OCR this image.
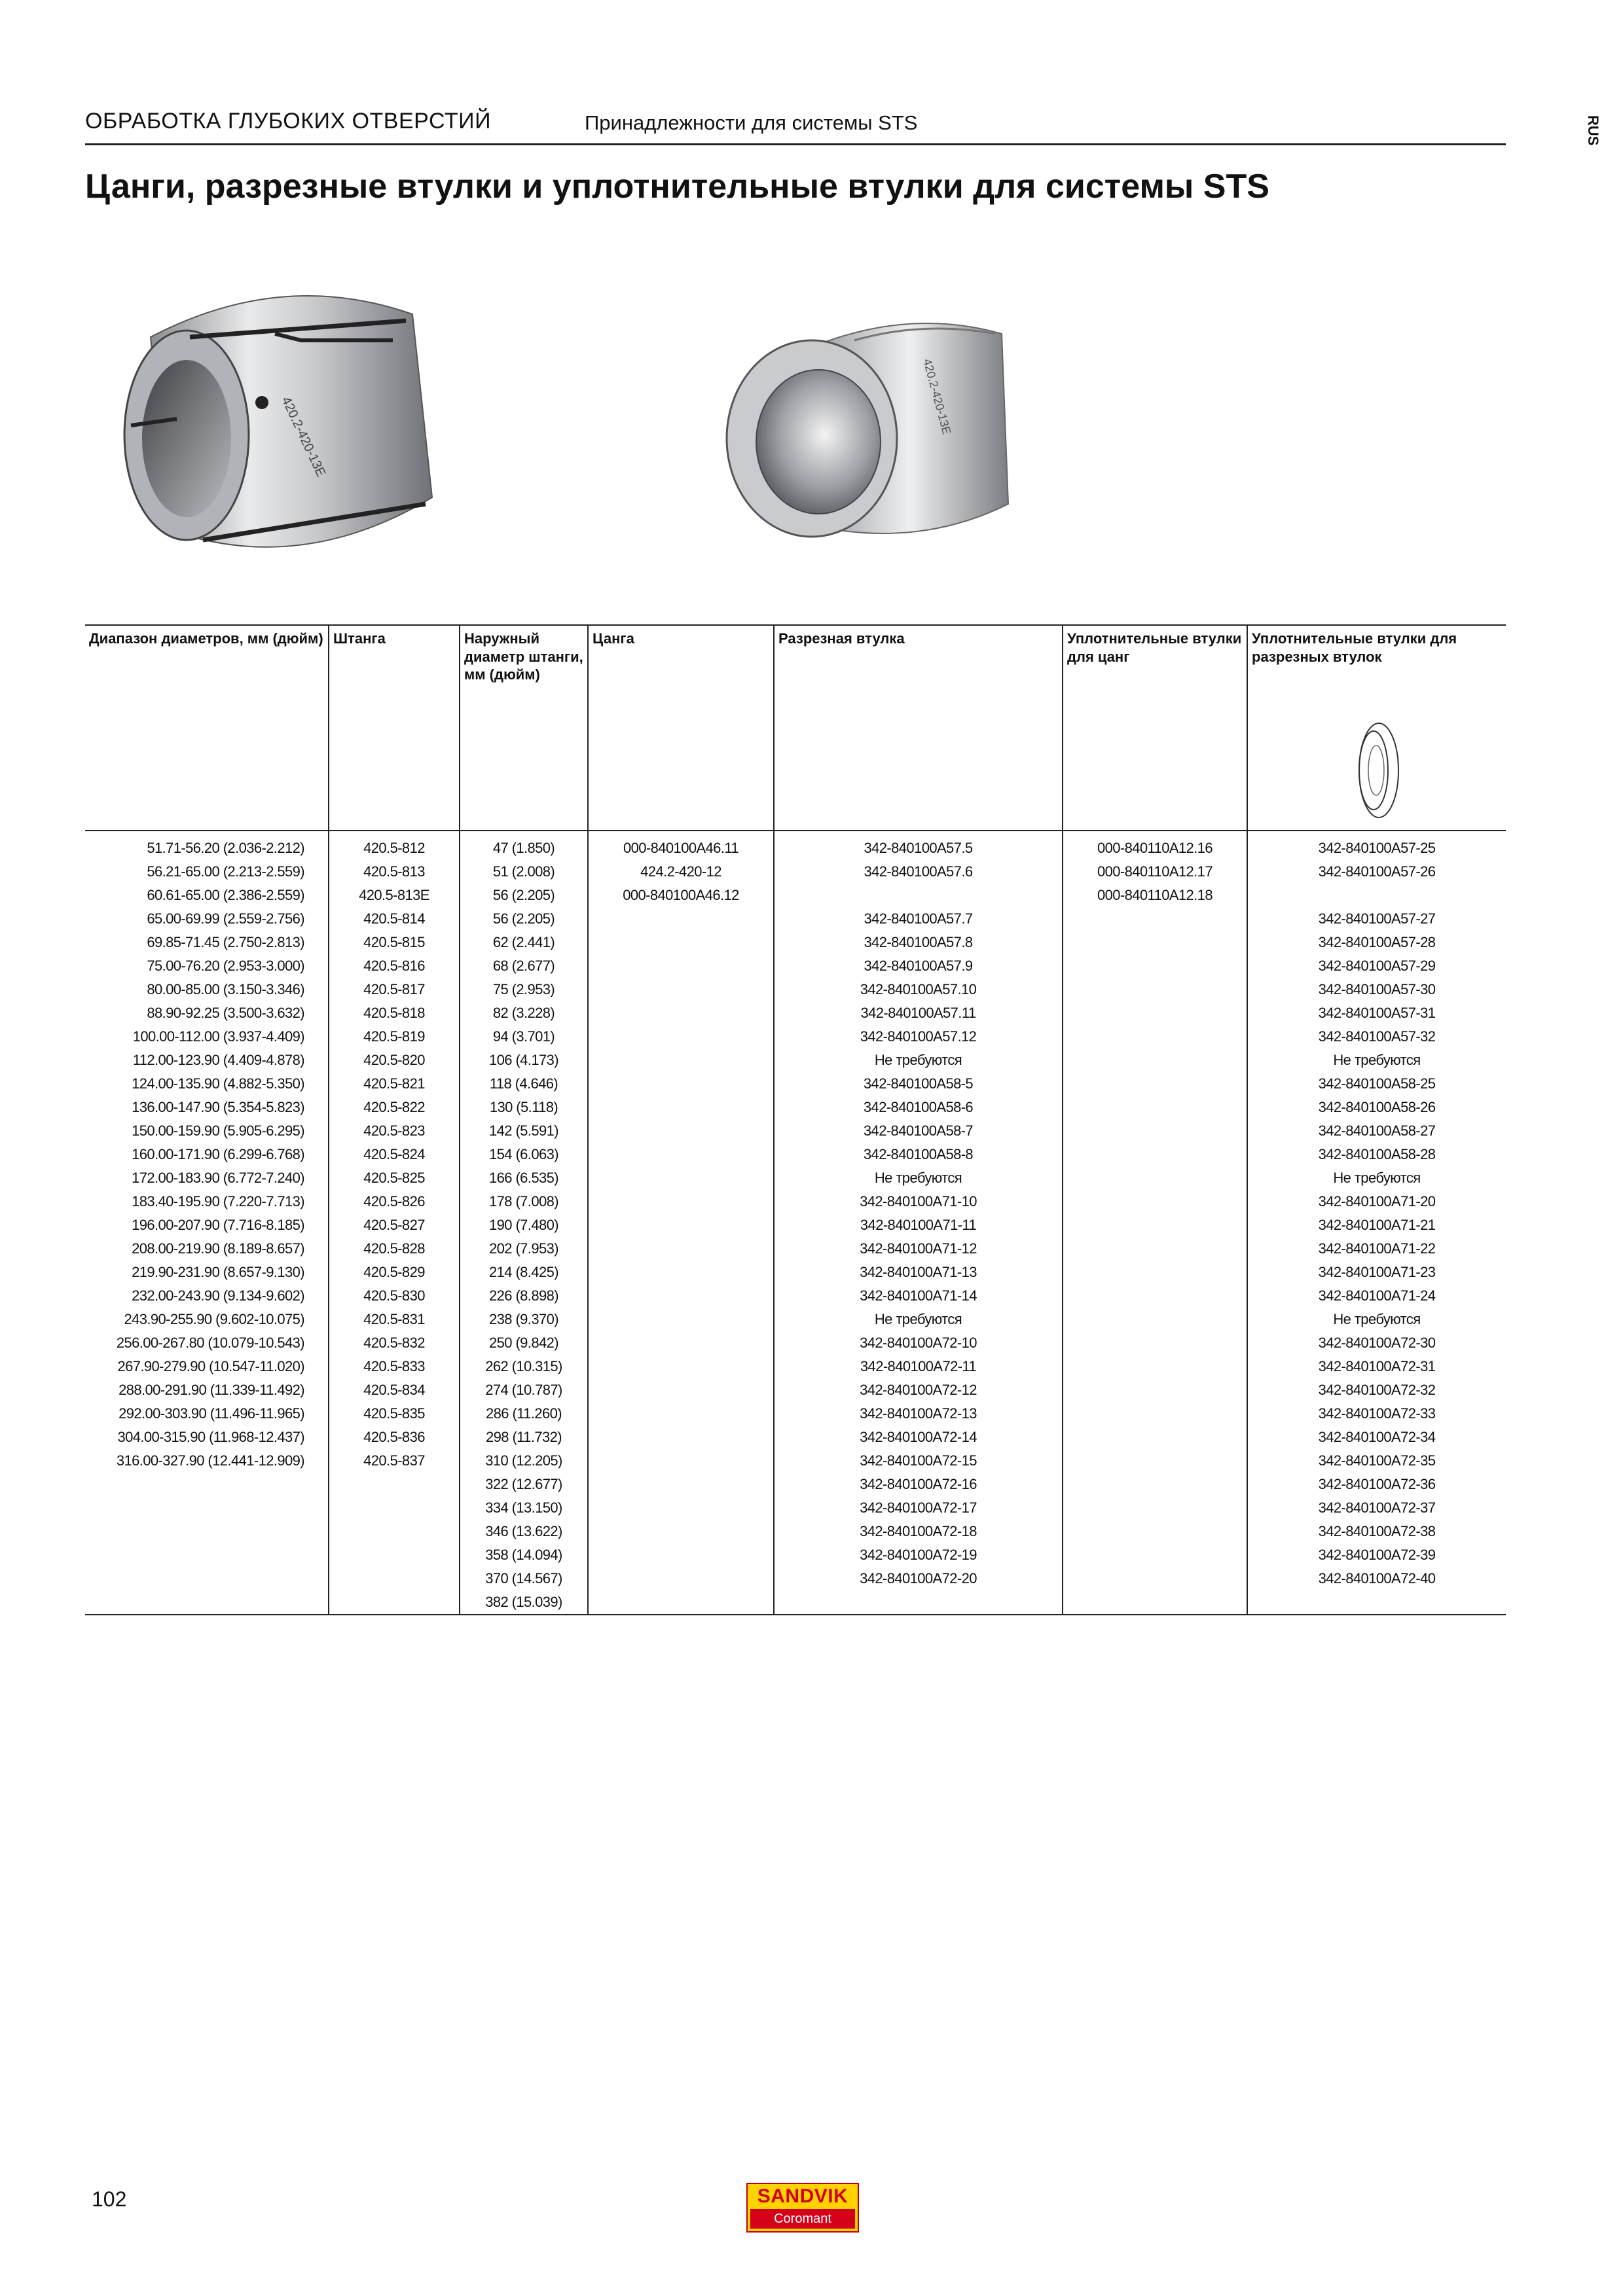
ОБРАБОТКА ГЛУБОКИХ ОТВЕРСТИЙ	Принадлежности для системы STS	RUS
Цанги, разрезные втулки и уплотнительные втулки для системы STS
420.2-420-13E	420.2-420-13E
Диапазон диаметров, мм (дюйм)	Штанга	Наружный диаметр штанги, мм (дюйм)	Цанга	Разрезная втулка	Уплотнительные втулки для цанг	Уплотнительные втулки для разрезных втулок

51.71-56.20 (2.036-2.212)	420.5-812	47 (1.850)	000-840100A46.11	342-840100A57.5	000-840110A12.16	342-840100A57-25
56.21-65.00 (2.213-2.559)	420.5-813	51 (2.008)	424.2-420-12	342-840100A57.6	000-840110A12.17	342-840100A57-26
60.61-65.00 (2.386-2.559)	420.5-813E	56 (2.205)	000-840100A46.12		000-840110A12.18	
65.00-69.99 (2.559-2.756)	420.5-814	56 (2.205)		342-840100A57.7		342-840100A57-27
69.85-71.45 (2.750-2.813)	420.5-815	62 (2.441)		342-840100A57.8		342-840100A57-28
75.00-76.20 (2.953-3.000)	420.5-816	68 (2.677)		342-840100A57.9		342-840100A57-29
80.00-85.00 (3.150-3.346)	420.5-817	75 (2.953)		342-840100A57.10		342-840100A57-30
88.90-92.25 (3.500-3.632)	420.5-818	82 (3.228)		342-840100A57.11		342-840100A57-31
100.00-112.00 (3.937-4.409)	420.5-819	94 (3.701)		342-840100A57.12		342-840100A57-32
112.00-123.90 (4.409-4.878)	420.5-820	106 (4.173)		Не требуются		Не требуются
124.00-135.90 (4.882-5.350)	420.5-821	118 (4.646)		342-840100A58-5		342-840100A58-25
136.00-147.90 (5.354-5.823)	420.5-822	130 (5.118)		342-840100A58-6		342-840100A58-26
150.00-159.90 (5.905-6.295)	420.5-823	142 (5.591)		342-840100A58-7		342-840100A58-27
160.00-171.90 (6.299-6.768)	420.5-824	154 (6.063)		342-840100A58-8		342-840100A58-28
172.00-183.90 (6.772-7.240)	420.5-825	166 (6.535)		Не требуются		Не требуются
183.40-195.90 (7.220-7.713)	420.5-826	178 (7.008)		342-840100A71-10		342-840100A71-20
196.00-207.90 (7.716-8.185)	420.5-827	190 (7.480)		342-840100A71-11		342-840100A71-21
208.00-219.90 (8.189-8.657)	420.5-828	202 (7.953)		342-840100A71-12		342-840100A71-22
219.90-231.90 (8.657-9.130)	420.5-829	214 (8.425)		342-840100A71-13		342-840100A71-23
232.00-243.90 (9.134-9.602)	420.5-830	226 (8.898)		342-840100A71-14		342-840100A71-24
243.90-255.90 (9.602-10.075)	420.5-831	238 (9.370)		Не требуются		Не требуются
256.00-267.80 (10.079-10.543)	420.5-832	250 (9.842)		342-840100A72-10		342-840100A72-30
267.90-279.90 (10.547-11.020)	420.5-833	262 (10.315)		342-840100A72-11		342-840100A72-31
288.00-291.90 (11.339-11.492)	420.5-834	274 (10.787)		342-840100A72-12		342-840100A72-32
292.00-303.90 (11.496-11.965)	420.5-835	286 (11.260)		342-840100A72-13		342-840100A72-33
304.00-315.90 (11.968-12.437)	420.5-836	298 (11.732)		342-840100A72-14		342-840100A72-34
316.00-327.90 (12.441-12.909)	420.5-837	310 (12.205)		342-840100A72-15		342-840100A72-35
		322 (12.677)		342-840100A72-16		342-840100A72-36
		334 (13.150)		342-840100A72-17		342-840100A72-37
		346 (13.622)		342-840100A72-18		342-840100A72-38
		358 (14.094)		342-840100A72-19		342-840100A72-39
		370 (14.567)		342-840100A72-20		342-840100A72-40
		382 (15.039)				
102	SANDVIK
Coromant
